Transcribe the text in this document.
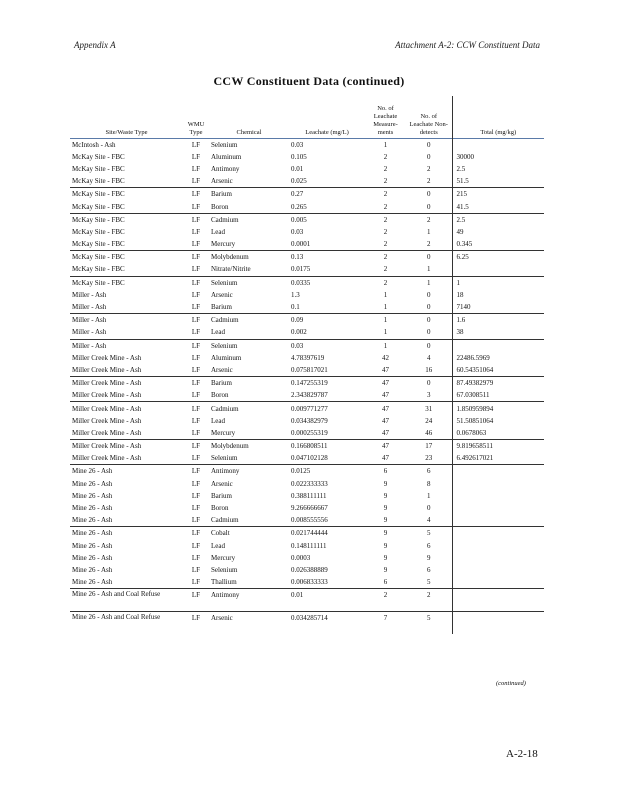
Appendix A	Attachment A-2: CCW Constituent Data
CCW Constituent Data (continued)
Site/Waste Type	WMU Type	Chemical	Leachate (mg/L)	No. of Leachate Measure- ments	No. of Leachate Non- detects	Total (mg/kg)
McIntosh - Ash	LF	Selenium	0.03	1	0	
McKay Site - FBC	LF	Aluminum	0.105	2	0	30000
McKay Site - FBC	LF	Antimony	0.01	2	2	2.5
McKay Site - FBC	LF	Arsenic	0.025	2	2	51.5
McKay Site - FBC	LF	Barium	0.27	2	0	215
McKay Site - FBC	LF	Boron	0.265	2	0	41.5
McKay Site - FBC	LF	Cadmium	0.005	2	2	2.5
McKay Site - FBC	LF	Lead	0.03	2	1	49
McKay Site - FBC	LF	Mercury	0.0001	2	2	0.345
McKay Site - FBC	LF	Molybdenum	0.13	2	0	6.25
McKay Site - FBC	LF	Nitrate/Nitrite	0.0175	2	1	
McKay Site - FBC	LF	Selenium	0.0335	2	1	1
Miller - Ash	LF	Arsenic	1.3	1	0	18
Miller - Ash	LF	Barium	0.1	1	0	7140
Miller - Ash	LF	Cadmium	0.09	1	0	1.6
Miller - Ash	LF	Lead	0.002	1	0	38
Miller - Ash	LF	Selenium	0.03	1	0	
Miller Creek Mine - Ash	LF	Aluminum	4.78397619	42	4	22486.5969
Miller Creek Mine - Ash	LF	Arsenic	0.075817021	47	16	60.54351064
Miller Creek Mine - Ash	LF	Barium	0.147255319	47	0	87.49382979
Miller Creek Mine - Ash	LF	Boron	2.343829787	47	3	67.0308511
Miller Creek Mine - Ash	LF	Cadmium	0.009771277	47	31	1.850959894
Miller Creek Mine - Ash	LF	Lead	0.034382979	47	24	51.50851064
Miller Creek Mine - Ash	LF	Mercury	0.000255319	47	46	0.0678063
Miller Creek Mine - Ash	LF	Molybdenum	0.166808511	47	17	9.819658511
Miller Creek Mine - Ash	LF	Selenium	0.047102128	47	23	6.492617021
Mine 26 - Ash	LF	Antimony	0.0125	6	6	
Mine 26 - Ash	LF	Arsenic	0.022333333	9	8	
Mine 26 - Ash	LF	Barium	0.388111111	9	1	
Mine 26 - Ash	LF	Boron	9.266666667	9	0	
Mine 26 - Ash	LF	Cadmium	0.008555556	9	4	
Mine 26 - Ash	LF	Cobalt	0.021744444	9	5	
Mine 26 - Ash	LF	Lead	0.148111111	9	6	
Mine 26 - Ash	LF	Mercury	0.0003	9	9	
Mine 26 - Ash	LF	Selenium	0.026388889	9	6	
Mine 26 - Ash	LF	Thallium	0.006833333	6	5	
Mine 26 - Ash and Coal Refuse	LF	Antimony	0.01	2	2	
Mine 26 - Ash and Coal Refuse	LF	Arsenic	0.034285714	7	5	
(continued)
A-2-18
